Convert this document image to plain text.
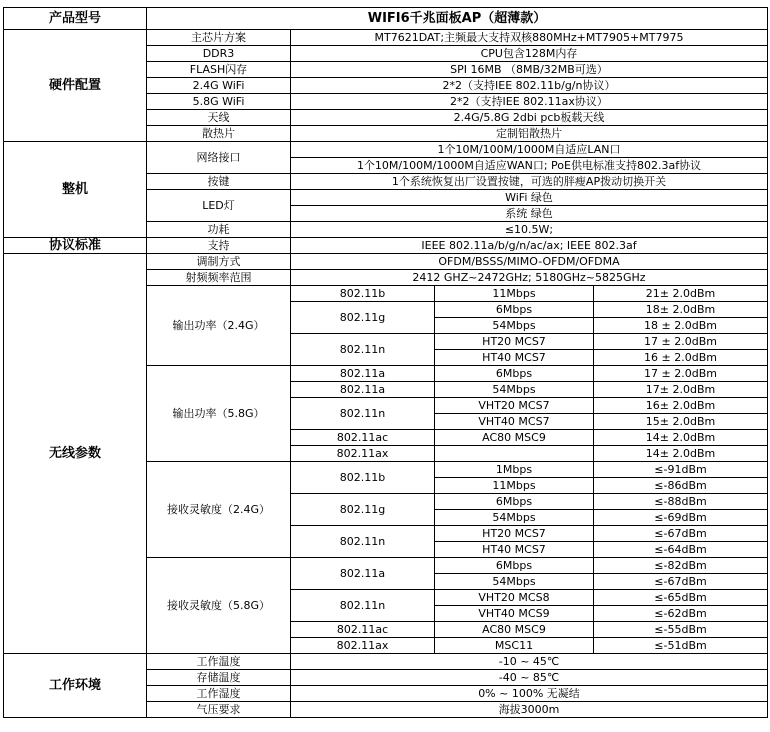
产品型号	WIFI6千兆面板AP（超薄款）			
硬件配置	主芯片方案	MT7621DAT;主频最大支持双核880MHz+MT7905+MT7975		
	DDR3	CPU包含128M内存		
	FLASH闪存	SPI 16MB （8MB/32MB可选）		
	2.4G WiFi	2*2（支持IEE 802.11b/g/n协议）		
	5.8G WiFi	2*2（支持IEE 802.11ax协议）		
	天线	2.4G/5.8G 2dbi pcb板载天线		
	散热片	定制铝散热片		
整机	网络接口	1个10M/100M/1000M自适应LAN口		
		1个10M/100M/1000M自适应WAN口; PoE供电标准支持802.3af协议		
	按键	1个系统恢复出厂设置按键，可选的胖瘦AP拨动切换开关		
	LED灯	WiFi 绿色		
		系统 绿色		
	功耗	≤10.5W;		
协议标准	支持	IEEE 802.11a/b/g/n/ac/ax; IEEE 802.3af		
无线参数	调制方式	OFDM/BSSS/MIMO-OFDM/OFDMA		
	射频频率范围	2412 GHZ~2472GHz; 5180GHz~5825GHz		
	输出功率（2.4G）	802.11b	11Mbps	21± 2.0dBm
		802.11g	6Mbps	18± 2.0dBm
			54Mbps	18 ± 2.0dBm
		802.11n	HT20 MCS7	17 ± 2.0dBm
			HT40 MCS7	16 ± 2.0dBm
	输出功率（5.8G）	802.11a	6Mbps	17 ± 2.0dBm
		802.11a	54Mbps	17± 2.0dBm
		802.11n	VHT20 MCS7	16± 2.0dBm
			VHT40 MCS7	15± 2.0dBm
		802.11ac	AC80 MSC9	14± 2.0dBm
		802.11ax		14± 2.0dBm
	接收灵敏度（2.4G）	802.11b	1Mbps	≤-91dBm
			11Mbps	≤-86dBm
		802.11g	6Mbps	≤-88dBm
			54Mbps	≤-69dBm
		802.11n	HT20 MCS7	≤-67dBm
			HT40 MCS7	≤-64dBm
	接收灵敏度（5.8G）	802.11a	6Mbps	≤-82dBm
			54Mbps	≤-67dBm
		802.11n	VHT20 MCS8	≤-65dBm
			VHT40 MCS9	≤-62dBm
		802.11ac	AC80 MSC9	≤-55dBm
		802.11ax	MSC11	≤-51dBm
工作环境	工作温度	-10 ~ 45℃		
	存储温度	-40 ~ 85℃		
	工作湿度	0% ~ 100% 无凝结		
	气压要求	海拔3000m		
